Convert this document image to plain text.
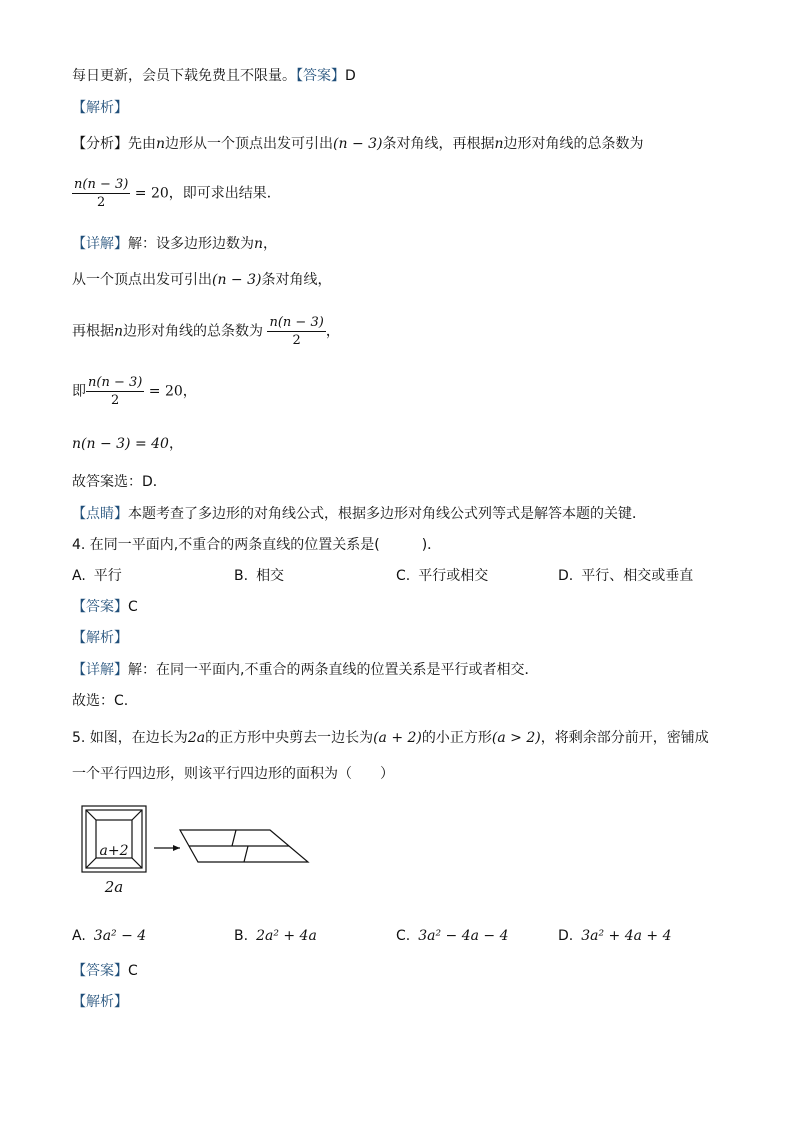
每日更新，会员下载免费且不限量。【答案】D
【解析】
【分析】先由n边形从一个顶点出发可引出(n − 3)条对角线，再根据n边形对角线的总条数为
$\frac{n(n - 3)}{2} = 20$，即可求出结果．
【详解】解：设多边形边数为n，
从一个顶点出发可引出(n − 3)条对角线，
再根据n边形对角线的总条数为 $\frac{n(n - 3)}{2}$ ，
即 $\frac{n(n - 3)}{2} = 20$，
n(n − 3) = 40，
故答案选：D．
【点睛】本题考查了多边形的对角线公式，根据多边形对角线公式列等式是解答本题的关键．
4. 在同一平面内,不重合的两条直线的位置关系是(　　　)．
A. 平行	B. 相交	C. 平行或相交	D. 平行、相交或垂直
【答案】C
【解析】
【详解】解：在同一平面内,不重合的两条直线的位置关系是平行或者相交．
故选：C.
5. 如图，在边长为2a的正方形中央剪去一边长为(a + 2)的小正方形(a > 2)，将剩余部分前开，密铺成
一个平行四边形，则该平行四边形的面积为（　　）
a+2
2a
A. 3a² − 4	B. 2a² + 4a	C. 3a² − 4a − 4	D. 3a² + 4a + 4
【答案】C
【解析】
